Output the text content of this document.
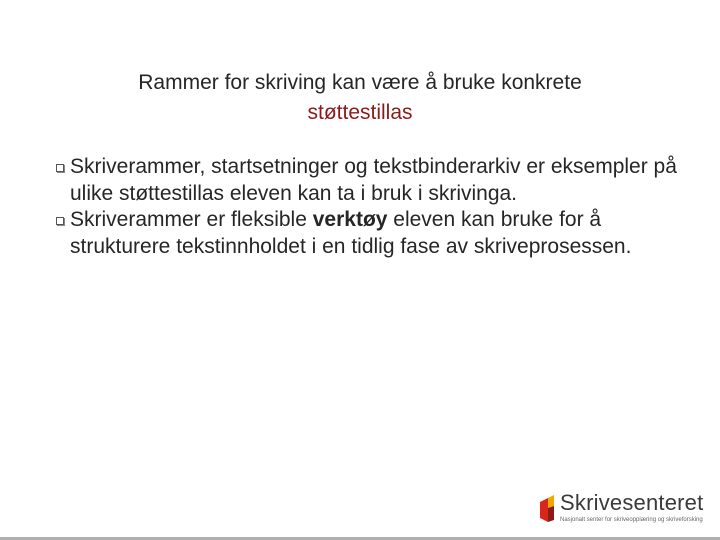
Rammer for skriving kan være å bruke konkrete
støttestillas
Skriverammer, startsetninger og tekstbinderarkiv er eksempler på ulike støttestillas eleven kan ta i bruk i skrivinga.
Skriverammer er fleksible verktøy eleven kan bruke for å strukturere tekstinnholdet i en tidlig fase av skriveprosessen.
Skrivesenteret
Nasjonalt senter for skriveopplæring og skriveforsking
